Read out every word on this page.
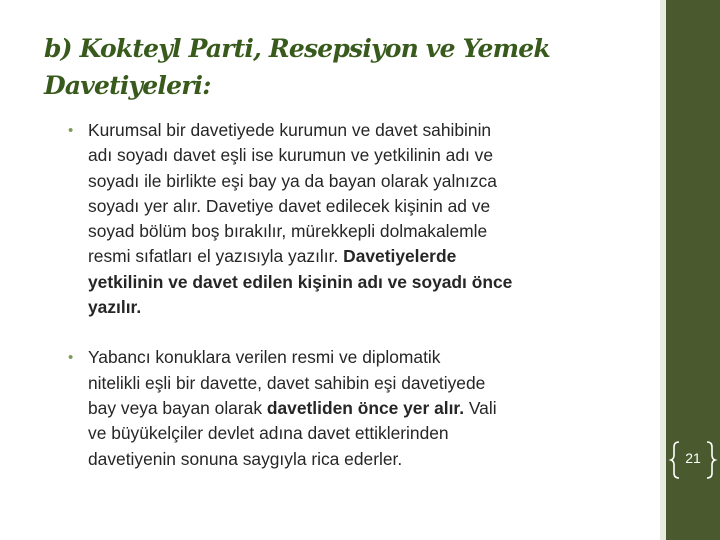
b) Kokteyl Parti, Resepsiyon ve Yemek
Davetiyeleri:
• Kurumsal bir davetiyede kurumun ve davet sahibinin
adı soyadı davet eşli ise kurumun ve yetkilinin adı ve
soyadı ile birlikte eşi bay ya da bayan olarak yalnızca
soyadı yer alır. Davetiye davet edilecek kişinin ad ve
soyad bölüm boş bırakılır, mürekkepli dolmakalemle
resmi sıfatları el yazısıyla yazılır. Davetiyelerde
yetkilinin ve davet edilen kişinin adı ve soyadı önce
yazılır.
• Yabancı konuklara verilen resmi ve diplomatik
nitelikli eşli bir davette, davet sahibin eşi davetiyede
bay veya bayan olarak davetliden önce yer alır. Vali
ve büyükelçiler devlet adına davet ettiklerinden
davetiyenin sonuna saygıyla rica ederler.	21
